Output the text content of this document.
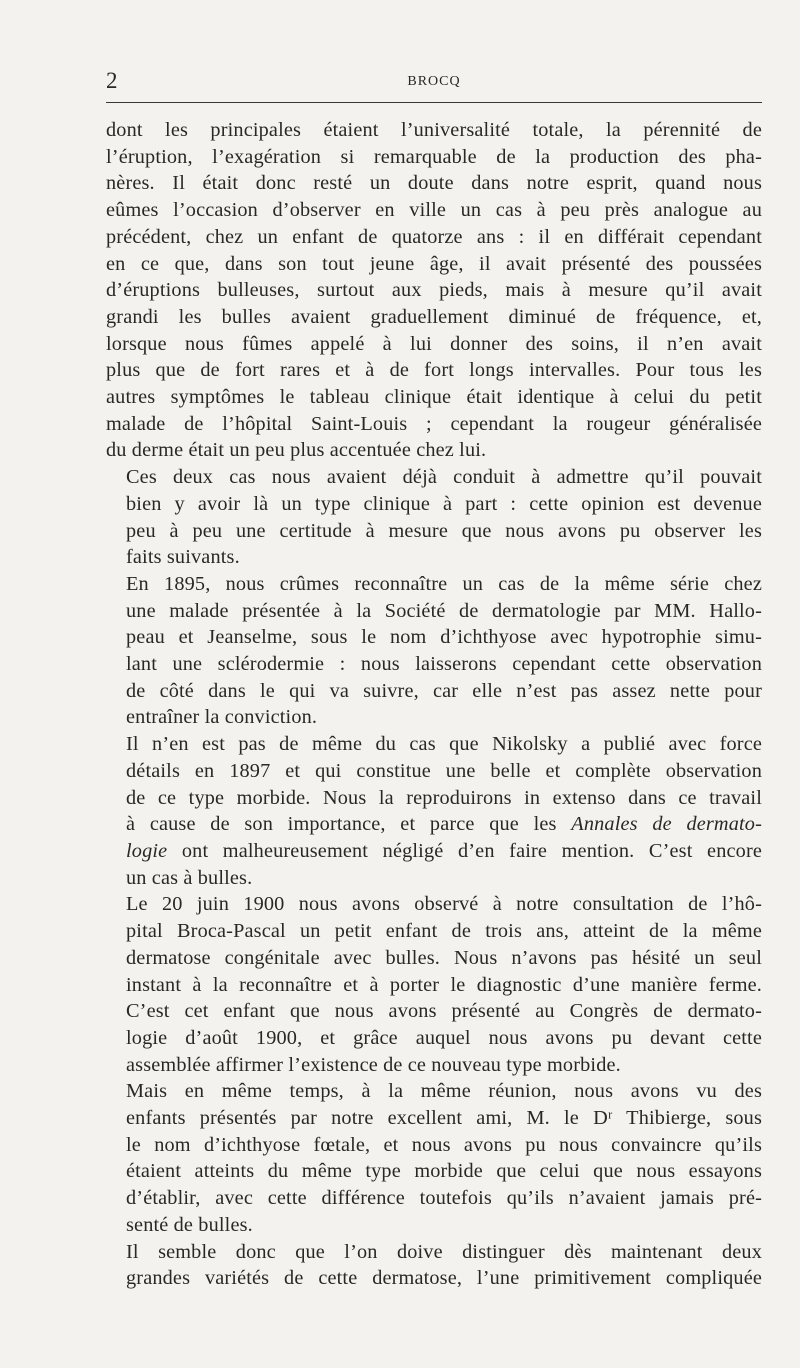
2	BROCQ

dont les principales étaient l’universalité totale, la pérennité de
l’éruption, l’exagération si remarquable de la production des pha-
nères. Il était donc resté un doute dans notre esprit, quand nous
eûmes l’occasion d’observer en ville un cas à peu près analogue au
précédent, chez un enfant de quatorze ans : il en différait cependant
en ce que, dans son tout jeune âge, il avait présenté des poussées
d’éruptions bulleuses, surtout aux pieds, mais à mesure qu’il avait
grandi les bulles avaient graduellement diminué de fréquence, et,
lorsque nous fûmes appelé à lui donner des soins, il n’en avait
plus que de fort rares et à de fort longs intervalles. Pour tous les
autres symptômes le tableau clinique était identique à celui du petit
malade de l’hôpital Saint-Louis ; cependant la rougeur généralisée
du derme était un peu plus accentuée chez lui.

Ces deux cas nous avaient déjà conduit à admettre qu’il pouvait
bien y avoir là un type clinique à part : cette opinion est devenue
peu à peu une certitude à mesure que nous avons pu observer les
faits suivants.

En 1895, nous crûmes reconnaître un cas de la même série chez
une malade présentée à la Société de dermatologie par MM. Hallo-
peau et Jeanselme, sous le nom d’ichthyose avec hypotrophie simu-
lant une sclérodermie : nous laisserons cependant cette observation
de côté dans le qui va suivre, car elle n’est pas assez nette pour
entraîner la conviction.

Il n’en est pas de même du cas que Nikolsky a publié avec force
détails en 1897 et qui constitue une belle et complète observation
de ce type morbide. Nous la reproduirons in extenso dans ce travail
à cause de son importance, et parce que les Annales de dermato-
logie ont malheureusement négligé d’en faire mention. C’est encore
un cas à bulles.

Le 20 juin 1900 nous avons observé à notre consultation de l’hô-
pital Broca-Pascal un petit enfant de trois ans, atteint de la même
dermatose congénitale avec bulles. Nous n’avons pas hésité un seul
instant à la reconnaître et à porter le diagnostic d’une manière ferme.
C’est cet enfant que nous avons présenté au Congrès de dermato-
logie d’août 1900, et grâce auquel nous avons pu devant cette
assemblée affirmer l’existence de ce nouveau type morbide.

Mais en même temps, à la même réunion, nous avons vu des
enfants présentés par notre excellent ami, M. le Dʳ Thibierge, sous
le nom d’ichthyose fœtale, et nous avons pu nous convaincre qu’ils
étaient atteints du même type morbide que celui que nous essayons
d’établir, avec cette différence toutefois qu’ils n’avaient jamais pré-
senté de bulles.

Il semble donc que l’on doive distinguer dès maintenant deux
grandes variétés de cette dermatose, l’une primitivement compliquée
